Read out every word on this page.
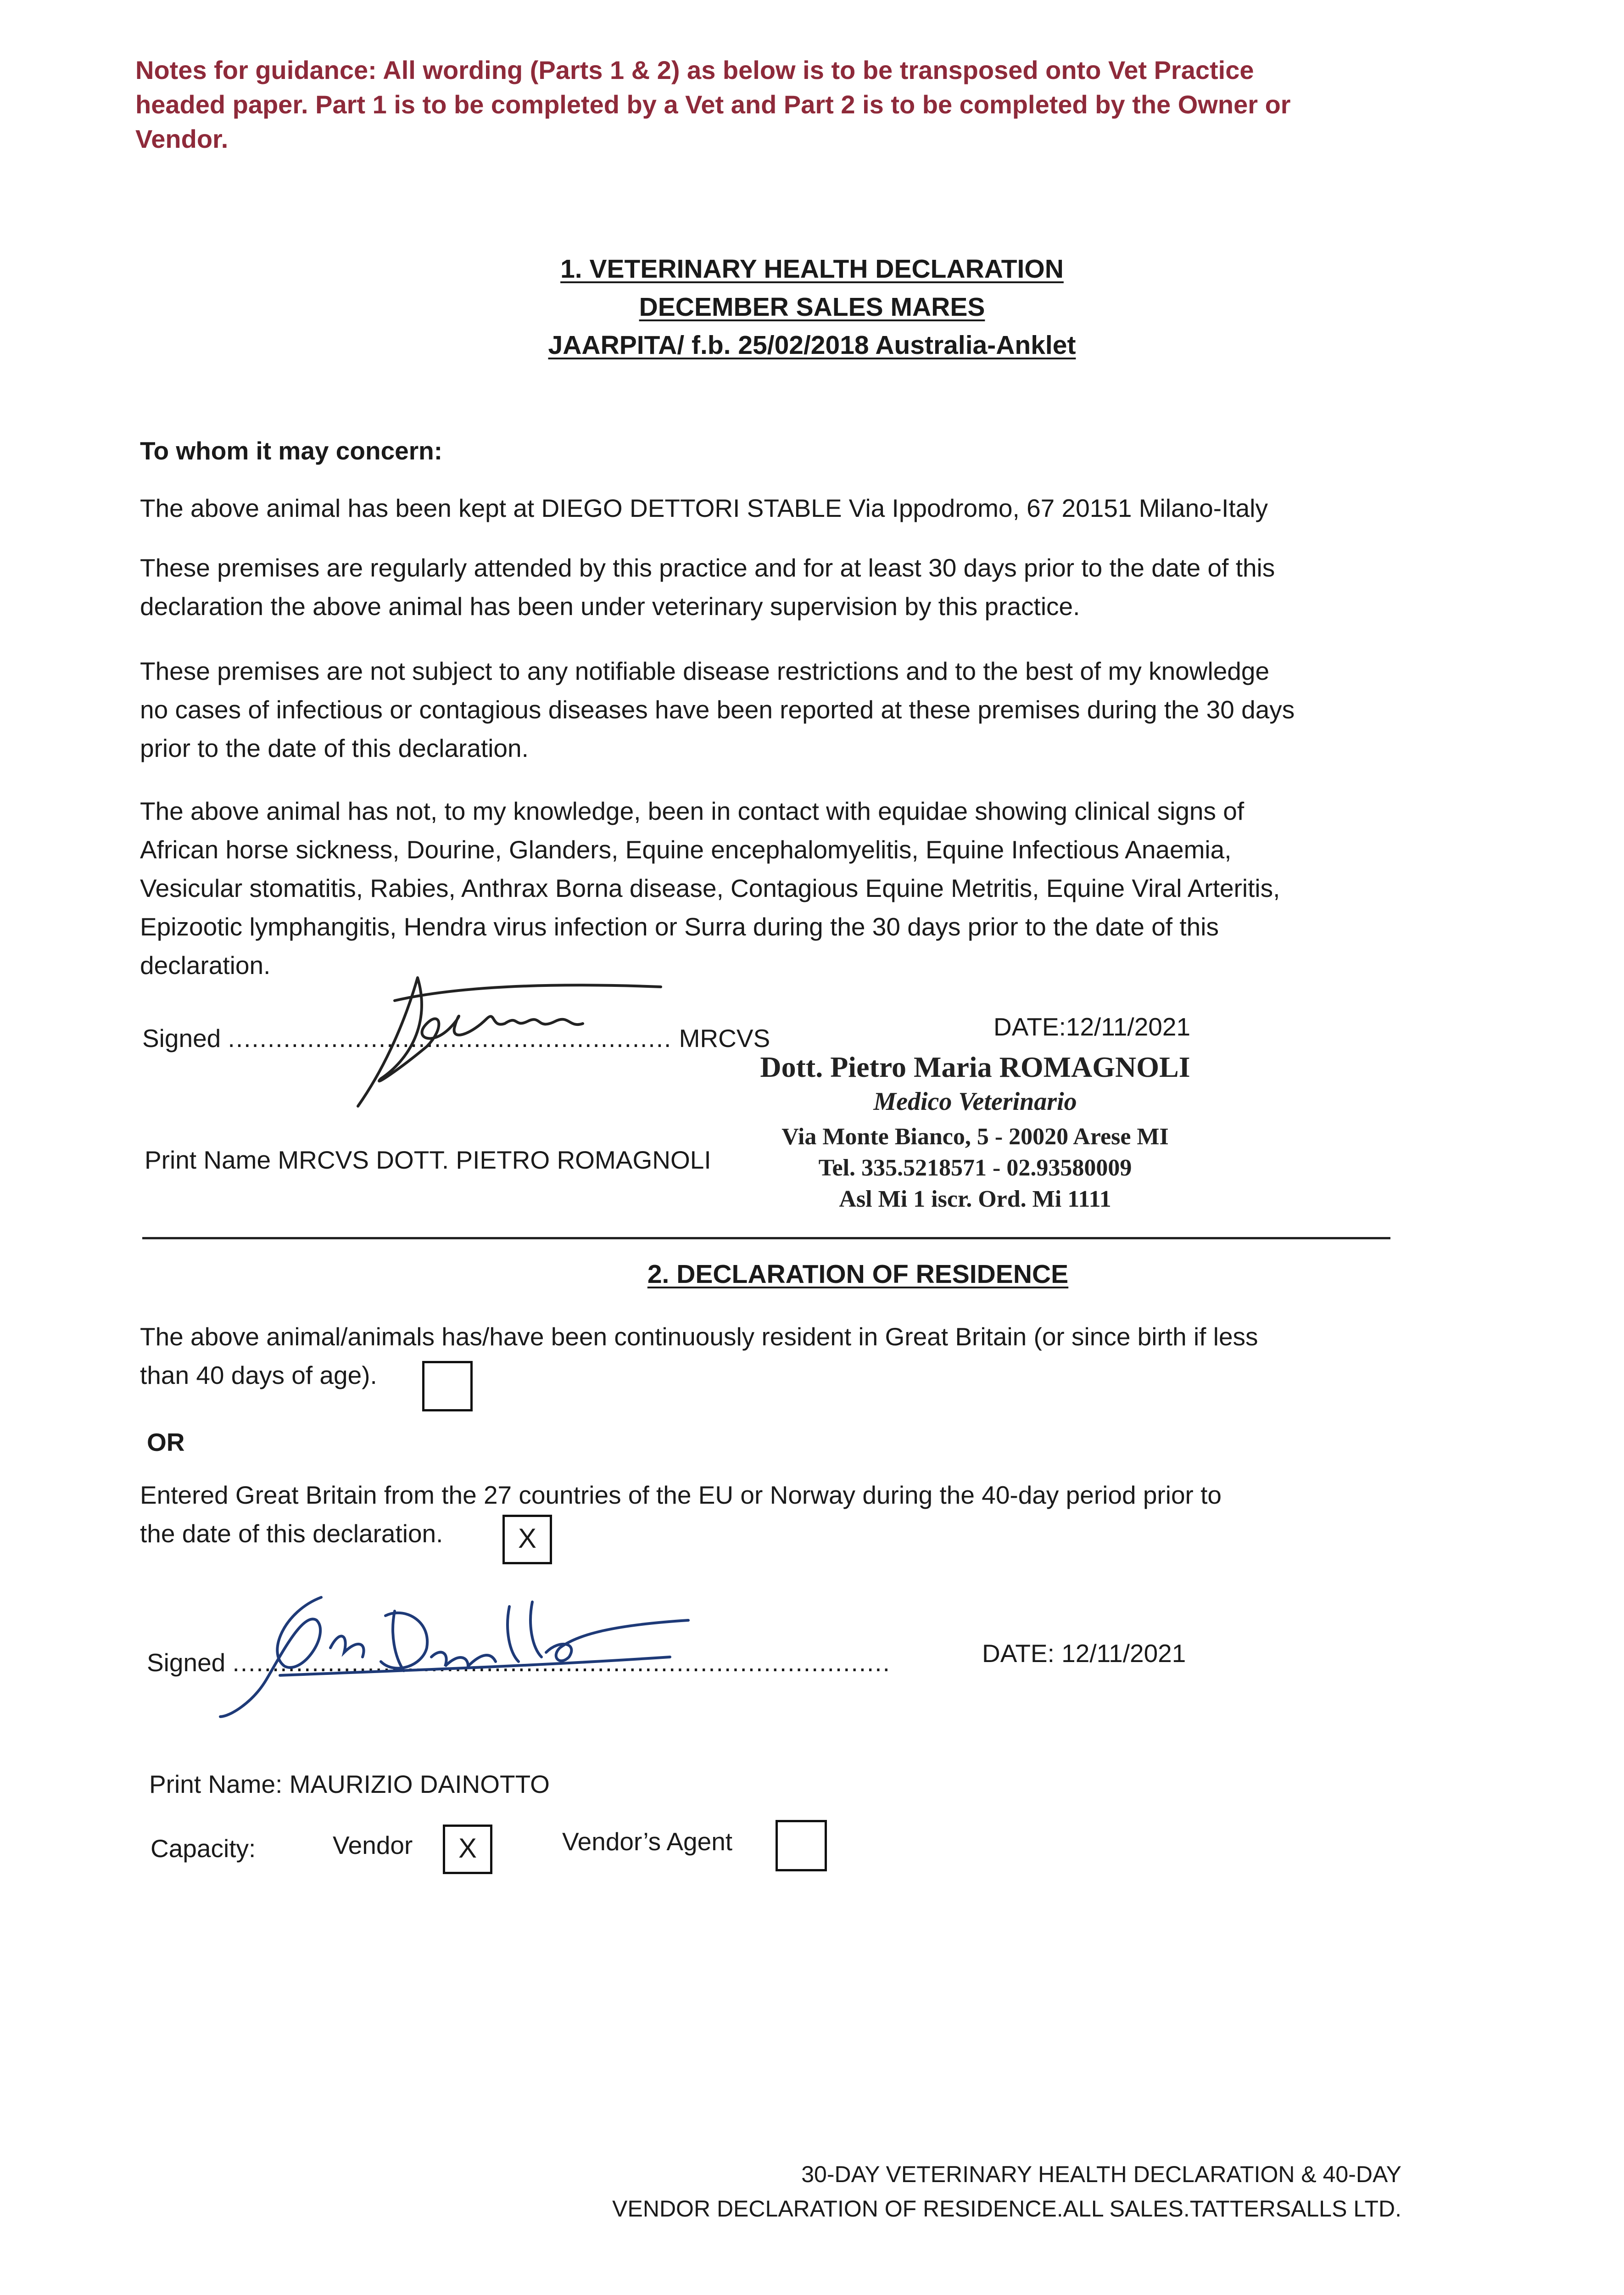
Notes for guidance: All wording (Parts 1 & 2) as below is to be transposed onto Vet Practice
headed paper. Part 1 is to be completed by a Vet and Part 2 is to be completed by the Owner or
Vendor.
1. VETERINARY HEALTH DECLARATION
DECEMBER SALES MARES
JAARPITA/ f.b. 25/02/2018 Australia-Anklet
To whom it may concern:
The above animal has been kept at DIEGO DETTORI STABLE Via Ippodromo, 67 20151 Milano-Italy
These premises are regularly attended by this practice and for at least 30 days prior to the date of this
declaration the above animal has been under veterinary supervision by this practice.
These premises are not subject to any notifiable disease restrictions and to the best of my knowledge
no cases of infectious or contagious diseases have been reported at these premises during the 30 days
prior to the date of this declaration.
The above animal has not, to my knowledge, been in contact with equidae showing clinical signs of
African horse sickness, Dourine, Glanders, Equine encephalomyelitis, Equine Infectious Anaemia,
Vesicular stomatitis, Rabies, Anthrax Borna disease, Contagious Equine Metritis, Equine Viral Arteritis,
Epizootic lymphangitis, Hendra virus infection or Surra during the 30 days prior to the date of this
declaration.
Signed ........................................................ MRCVS	DATE:12/11/2021
Dott. Pietro Maria ROMAGNOLI
Medico Veterinario
Via Monte Bianco, 5 - 20020 Arese MI
Tel. 335.5218571 - 02.93580009
Asl Mi 1 iscr. Ord. Mi 1111
Print Name MRCVS DOTT. PIETRO ROMAGNOLI
2. DECLARATION OF RESIDENCE
The above animal/animals has/have been continuously resident in Great Britain (or since birth if less
than 40 days of age).
OR
Entered Great Britain from the 27 countries of the EU or Norway during the 40-day period prior to
the date of this declaration.	X
Signed ...................................................................................	DATE: 12/11/2021
Print Name: MAURIZIO DAINOTTO
Capacity:	Vendor	X	Vendor’s Agent
30-DAY VETERINARY HEALTH DECLARATION & 40-DAY
VENDOR DECLARATION OF RESIDENCE.ALL SALES.TATTERSALLS LTD.
